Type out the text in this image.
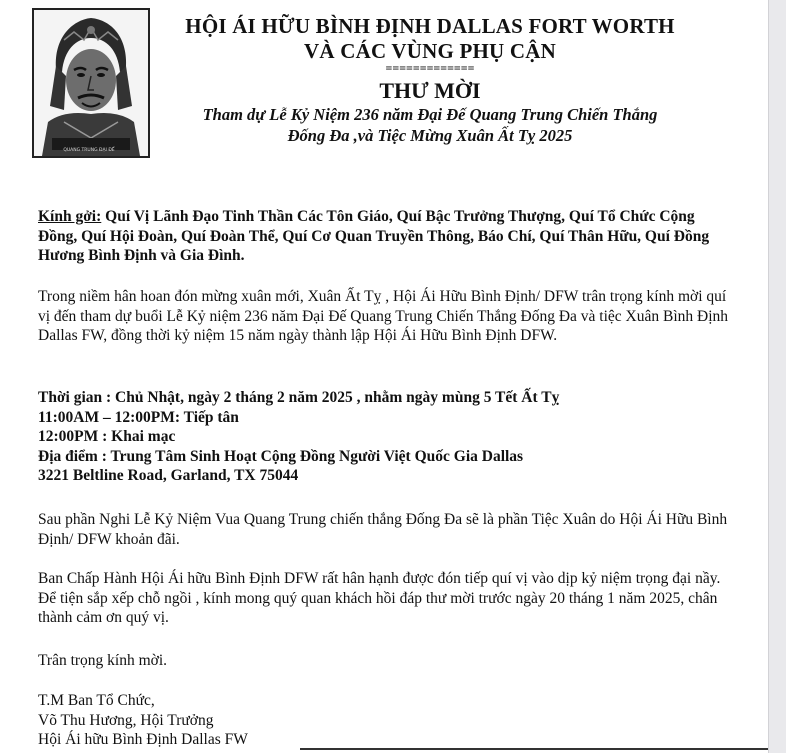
QUANG TRUNG ĐẠI ĐẾ
HỘI ÁI HỮU BÌNH ĐỊNH DALLAS FORT WORTH
VÀ CÁC VÙNG PHỤ CẬN
=============
THƯ MỜI
Tham dự Lễ Kỷ Niệm 236 năm Đại Đế Quang Trung Chiến Thắng
Đống Đa ,và Tiệc Mừng Xuân Ất Tỵ 2025
Kính gởi: Quí Vị Lãnh Đạo Tinh Thần Các Tôn Giáo, Quí Bậc Trưởng Thượng, Quí Tổ Chức Cộng Đồng, Quí Hội Đoàn, Quí Đoàn Thể, Quí Cơ Quan Truyền Thông, Báo Chí, Quí Thân Hữu, Quí Đồng Hương Bình Định và Gia Đình.
Trong niềm hân hoan đón mừng xuân mới, Xuân Ất Tỵ , Hội Ái Hữu Bình Định/ DFW trân trọng kính mời quí vị đến tham dự buổi Lễ Kỷ niệm 236 năm Đại Đế Quang Trung Chiến Thắng Đống Đa và tiệc Xuân Bình Định Dallas FW, đồng thời kỷ niệm 15 năm ngày thành lập Hội Ái Hữu Bình Định DFW.
Thời gian : Chủ Nhật, ngày 2 tháng 2 năm 2025 , nhằm ngày mùng 5 Tết Ất Tỵ
11:00AM – 12:00PM: Tiếp tân
12:00PM : Khai mạc
Địa điểm : Trung Tâm Sinh Hoạt Cộng Đồng Người Việt Quốc Gia Dallas
3221 Beltline Road, Garland, TX 75044
Sau phần Nghi Lễ Kỷ Niệm Vua Quang Trung chiến thắng Đống Đa sẽ là phần Tiệc Xuân do Hội Ái Hữu Bình Định/ DFW khoản đãi.
Ban Chấp Hành Hội Ái hữu Bình Định DFW rất hân hạnh được đón tiếp quí vị vào dịp kỷ niệm trọng đại nầy. Để tiện sắp xếp chỗ ngồi , kính mong quý quan khách hồi đáp thư mời trước ngày 20 tháng 1 năm 2025, chân thành cảm ơn quý vị.
Trân trọng kính mời.
T.M Ban Tổ Chức,
Võ Thu Hương, Hội Trưởng
Hội Ái hữu Bình Định Dallas FW
